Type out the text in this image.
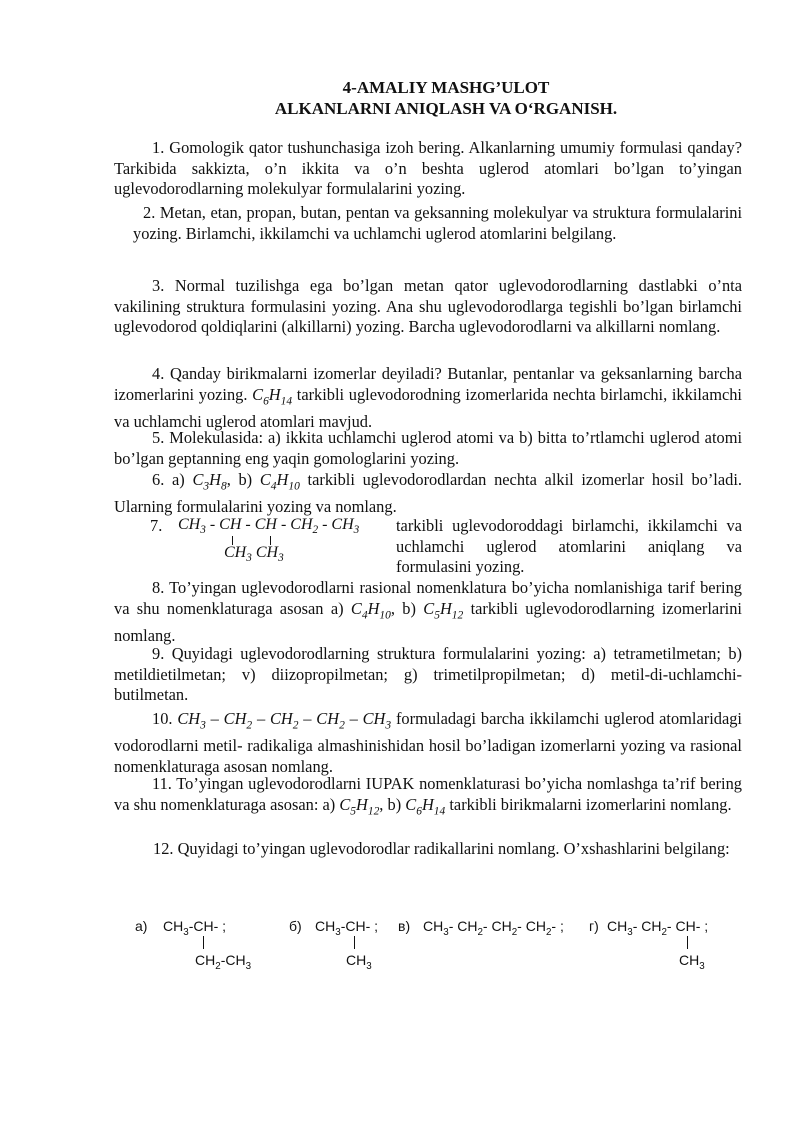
4-AMALIY MASHG’ULOT
ALKANLARNI ANIQLASH VA O‘RGANISH.

1. Gomologik qator tushunchasiga izoh bering. Alkanlarning umumiy formulasi qanday? Tarkibida sakkizta, o’n ikkita va o’n beshta uglerod atomlari bo’lgan to’yingan uglevodorodlarning molekulyar formulalarini yozing.

2. Metan, etan, propan, butan, pentan va geksanning molekulyar va struktura formulalarini yozing. Birlamchi, ikkilamchi va uchlamchi uglerod atomlarini belgilang.

3. Normal tuzilishga ega bo’lgan metan qator uglevodorodlarning dastlabki o’nta vakilining struktura formulasini yozing. Ana shu uglevodorodlarga tegishli bo’lgan birlamchi uglevodorod qoldiqlarini (alkillarni) yozing. Barcha uglevodorodlarni va alkillarni nomlang.

4. Qanday birikmalarni izomerlar deyiladi? Butanlar, pentanlar va geksanlarning barcha izomerlarini yozing. $C_6H_{14}$ tarkibli uglevodorodning izomerlarida nechta birlamchi, ikkilamchi va uchlamchi uglerod atomlari mavjud.

5. Molekulasida: a) ikkita uchlamchi uglerod atomi va b) bitta to’rtlamchi uglerod atomi bo’lgan geptanning eng yaqin gomologlarini yozing.

6. a) $C_3H_8$, b) $C_4H_{10}$ tarkibli uglevodorodlardan nechta alkil izomerlar hosil bo’ladi. Ularning formulalarini yozing va nomlang.

7. $CH_3$ - CH - CH - $CH_2 - CH_3$
$CH_3$ $CH_3$

tarkibli uglevodoroddagi birlamchi, ikkilamchi va uchlamchi uglerod atomlarini aniqlang va formulasini yozing.

8. To’yingan uglevodorodlarni rasional nomenklatura bo’yicha nomlanishiga tarif bering va shu nomenklaturaga asosan a) $C_4H_{10}$, b) $C_5H_{12}$ tarkibli uglevodorodlarning izomerlarini nomlang.

9. Quyidagi uglevodorodlarning struktura formulalarini yozing: a) tetrametilmetan; b) metildietilmetan; v) diizopropilmetan; g) trimetilpropilmetan; d) metil-di-uchlamchi-butilmetan.

10. $CH_3 - CH_2 - CH_2 - CH_2 - CH_3$ formuladagi barcha ikkilamchi uglerod atomlaridagi vodorodlarni metil- radikaliga almashinishidan hosil bo’ladigan izomerlarni yozing va rasional nomenklaturaga asosan nomlang.

11. To’yingan uglevodorodlarni IUPAK nomenklaturasi bo’yicha nomlashga ta’rif bering va shu nomenklaturaga asosan: a) $C_5H_{12}$, b) $C_6H_{14}$ tarkibli birikmalarni izomerlarini nomlang.

12. Quyidagi to’yingan uglevodorodlar radikallarini nomlang. O’xshashlarini belgilang:

а) $CH_3-CH-$ ;
$CH_2-CH_3$
б) $CH_3-CH-$ ;
$CH_3$
в) $CH_3-$ $CH_2-$ $CH_2-$ $CH_2-$ ; г) $CH_3-$ $CH_2-$ CH- ;
$CH_3$
